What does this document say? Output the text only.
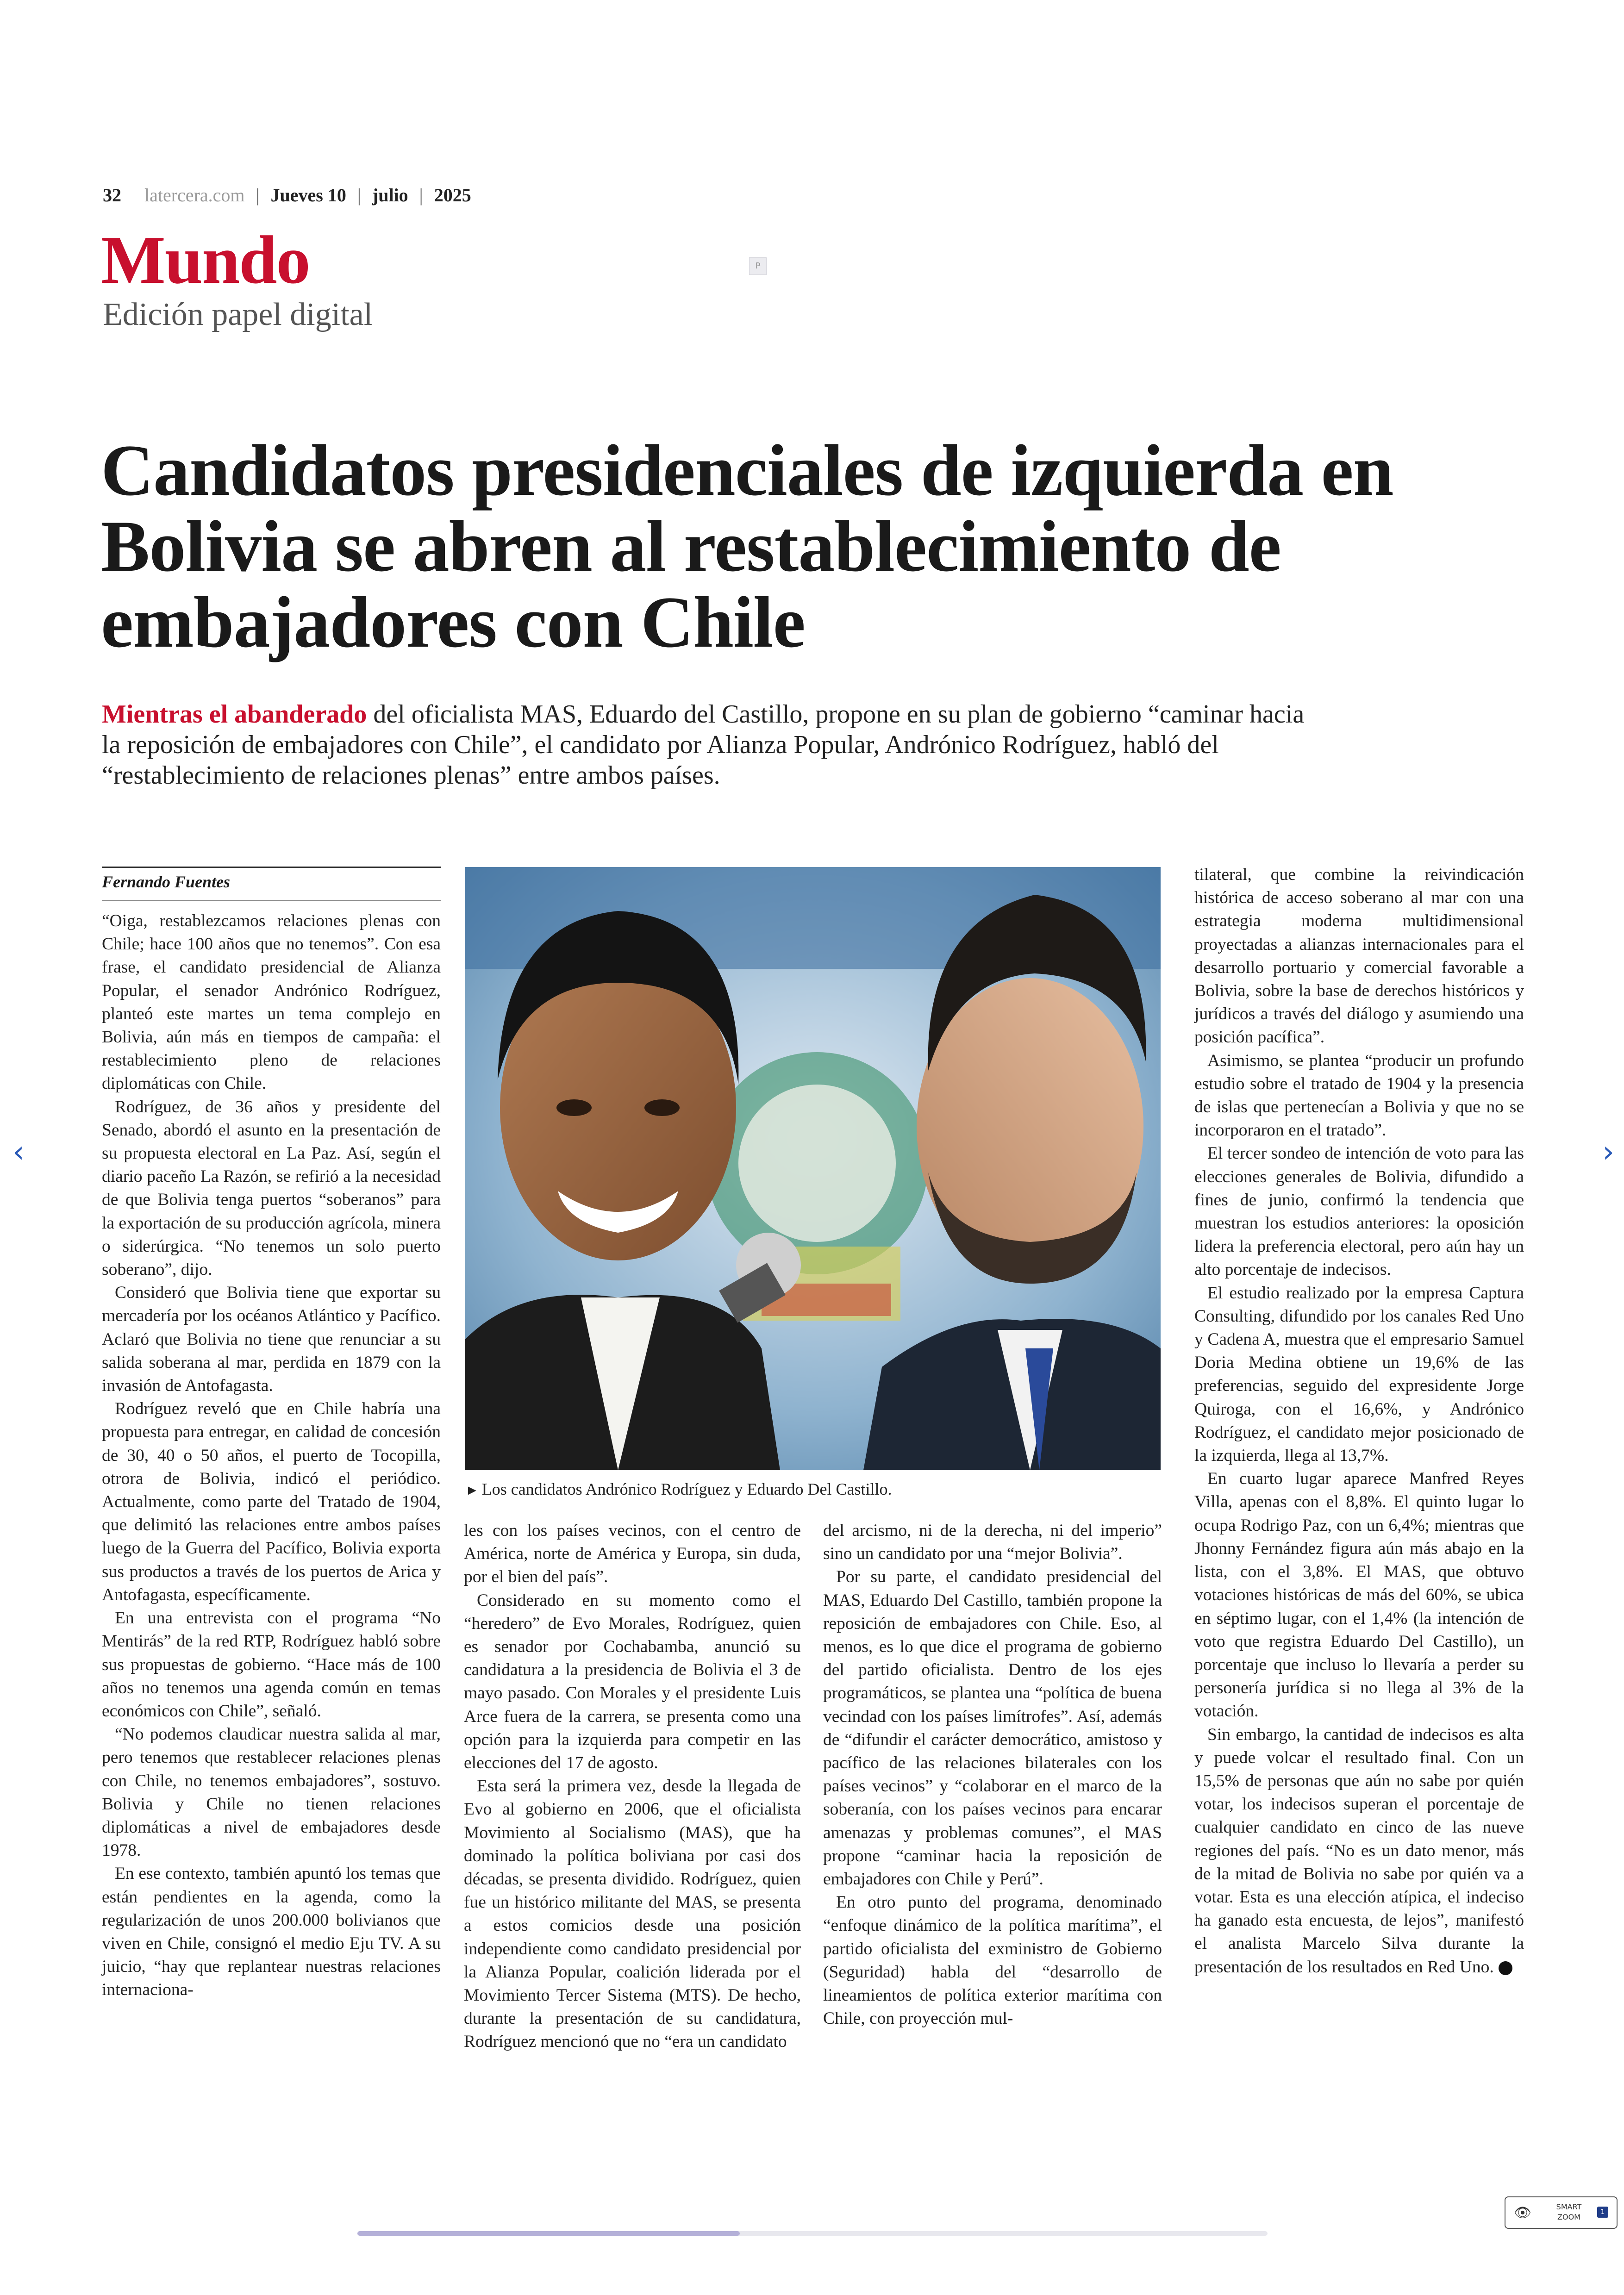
32 latercera.com | Jueves 10 | julio | 2025
Mundo
Edición papel digital
P
Candidatos presidenciales de izquierda en Bolivia se abren al restablecimiento de embajadores con Chile

Mientras el abanderado del oficialista MAS, Eduardo del Castillo, propone en su plan de gobierno “caminar hacia la reposición de embajadores con Chile”, el candidato por Alianza Popular, Andrónico Rodríguez, habló del “restablecimiento de relaciones plenas” entre ambos países.

Fernando Fuentes

“Oiga, restablezcamos relaciones plenas con Chile; hace 100 años que no tenemos”. Con esa frase, el candidato presidencial de Alianza Popular, el senador Andrónico Rodríguez, planteó este martes un tema complejo en Bolivia, aún más en tiempos de campaña: el restablecimiento pleno de relaciones diplomáticas con Chile.

Rodríguez, de 36 años y presidente del Senado, abordó el asunto en la presentación de su propuesta electoral en La Paz. Así, según el diario paceño La Razón, se refirió a la necesidad de que Bolivia tenga puertos “soberanos” para la exportación de su producción agrícola, minera o siderúrgica. “No tenemos un solo puerto soberano”, dijo.

Consideró que Bolivia tiene que exportar su mercadería por los océanos Atlántico y Pacífico. Aclaró que Bolivia no tiene que renunciar a su salida soberana al mar, perdida en 1879 con la invasión de Antofagasta.

Rodríguez reveló que en Chile habría una propuesta para entregar, en calidad de concesión de 30, 40 o 50 años, el puerto de Tocopilla, otrora de Bolivia, indicó el periódico. Actualmente, como parte del Tratado de 1904, que delimitó las relaciones entre ambos países luego de la Guerra del Pacífico, Bolivia exporta sus productos a través de los puertos de Arica y Antofagasta, específicamente.

En una entrevista con el programa “No Mentirás” de la red RTP, Rodríguez habló sobre sus propuestas de gobierno. “Hace más de 100 años no tenemos una agenda común en temas económicos con Chile”, señaló.

“No podemos claudicar nuestra salida al mar, pero tenemos que restablecer relaciones plenas con Chile, no tenemos embajadores”, sostuvo. Bolivia y Chile no tienen relaciones diplomáticas a nivel de embajadores desde 1978.

En ese contexto, también apuntó los temas que están pendientes en la agenda, como la regularización de unos 200.000 bolivianos que viven en Chile, consignó el medio Eju TV. A su juicio, “hay que replantear nuestras relaciones internaciona-

► Los candidatos Andrónico Rodríguez y Eduardo Del Castillo.

les con los países vecinos, con el centro de América, norte de América y Europa, sin duda, por el bien del país”.

Considerado en su momento como el “heredero” de Evo Morales, Rodríguez, quien es senador por Cochabamba, anunció su candidatura a la presidencia de Bolivia el 3 de mayo pasado. Con Morales y el presidente Luis Arce fuera de la carrera, se presenta como una opción para la izquierda para competir en las elecciones del 17 de agosto.

Esta será la primera vez, desde la llegada de Evo al gobierno en 2006, que el oficialista Movimiento al Socialismo (MAS), que ha dominado la política boliviana por casi dos décadas, se presenta dividido. Rodríguez, quien fue un histórico militante del MAS, se presenta a estos comicios desde una posición independiente como candidato presidencial por la Alianza Popular, coalición liderada por el Movimiento Tercer Sistema (MTS). De hecho, durante la presentación de su candidatura, Rodríguez mencionó que no “era un candidato

del arcismo, ni de la derecha, ni del imperio” sino un candidato por una “mejor Bolivia”.

Por su parte, el candidato presidencial del MAS, Eduardo Del Castillo, también propone la reposición de embajadores con Chile. Eso, al menos, es lo que dice el programa de gobierno del partido oficialista. Dentro de los ejes programáticos, se plantea una “política de buena vecindad con los países limítrofes”. Así, además de “difundir el carácter democrático, amistoso y pacífico de las relaciones bilaterales con los países vecinos” y “colaborar en el marco de la soberanía, con los países vecinos para encarar amenazas y problemas comunes”, el MAS propone “caminar hacia la reposición de embajadores con Chile y Perú”.

En otro punto del programa, denominado “enfoque dinámico de la política marítima”, el partido oficialista del exministro de Gobierno (Seguridad) habla del “desarrollo de lineamientos de política exterior marítima con Chile, con proyección mul-

tilateral, que combine la reivindicación histórica de acceso soberano al mar con una estrategia moderna multidimensional proyectadas a alianzas internacionales para el desarrollo portuario y comercial favorable a Bolivia, sobre la base de derechos históricos y jurídicos a través del diálogo y asumiendo una posición pacífica”.

Asimismo, se plantea “producir un profundo estudio sobre el tratado de 1904 y la presencia de islas que pertenecían a Bolivia y que no se incorporaron en el tratado”.

El tercer sondeo de intención de voto para las elecciones generales de Bolivia, difundido a fines de junio, confirmó la tendencia que muestran los estudios anteriores: la oposición lidera la preferencia electoral, pero aún hay un alto porcentaje de indecisos.

El estudio realizado por la empresa Captura Consulting, difundido por los canales Red Uno y Cadena A, muestra que el empresario Samuel Doria Medina obtiene un 19,6% de las preferencias, seguido del expresidente Jorge Quiroga, con el 16,6%, y Andrónico Rodríguez, el candidato mejor posicionado de la izquierda, llega al 13,7%.

En cuarto lugar aparece Manfred Reyes Villa, apenas con el 8,8%. El quinto lugar lo ocupa Rodrigo Paz, con un 6,4%; mientras que Jhonny Fernández figura aún más abajo en la lista, con el 3,8%. El MAS, que obtuvo votaciones históricas de más del 60%, se ubica en séptimo lugar, con el 1,4% (la intención de voto que registra Eduardo Del Castillo), un porcentaje que incluso lo llevaría a perder su personería jurídica si no llega al 3% de la votación.

Sin embargo, la cantidad de indecisos es alta y puede volcar el resultado final. Con un 15,5% de personas que aún no sabe por quién votar, los indecisos superan el porcentaje de cualquier candidato en cinco de las nueve regiones del país. “No es un dato menor, más de la mitad de Bolivia no sabe por quién va a votar. Esta es una elección atípica, el indeciso ha ganado esta encuesta, de lejos”, manifestó el analista Marcelo Silva durante la presentación de los resultados en Red Uno.

‹	›
👁	SMART ZOOM
1
